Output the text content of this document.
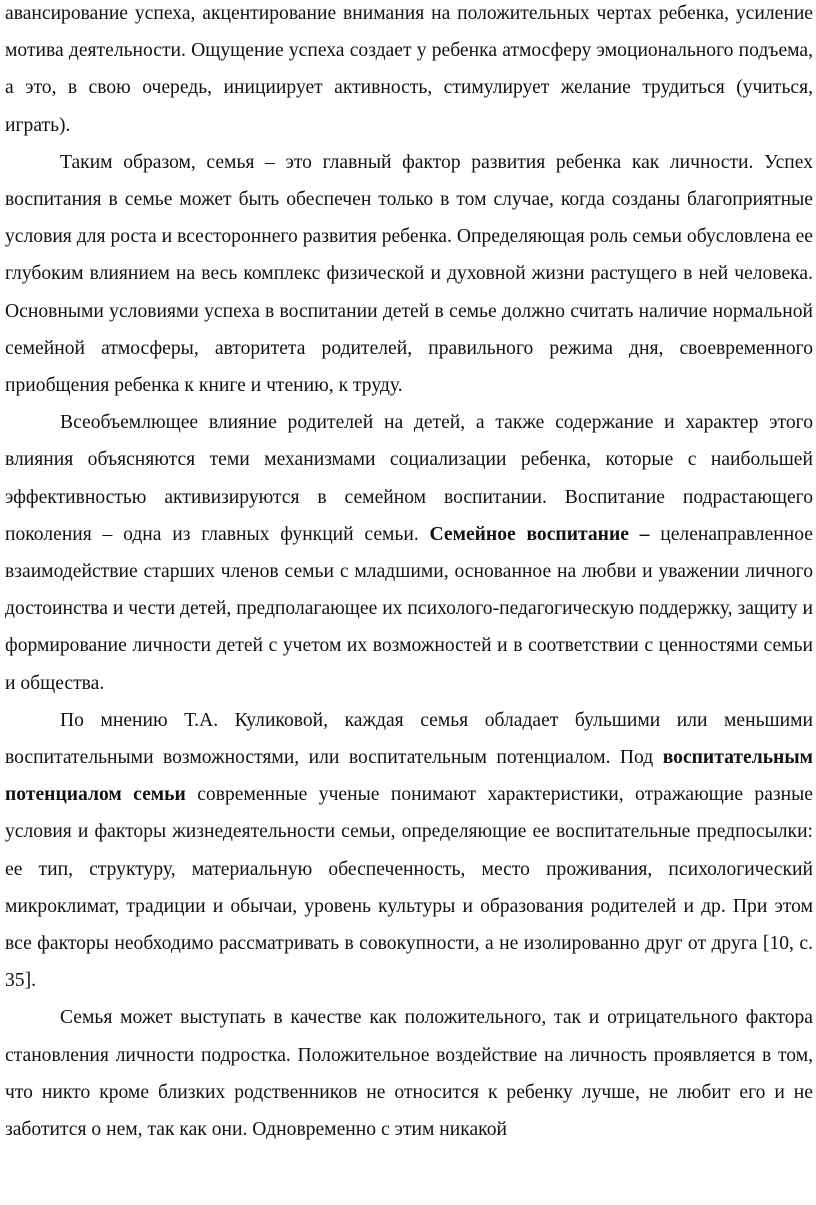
авансирование успеха, акцентирование внимания на положительных чертах ребенка, усиление мотива деятельности. Ощущение успеха создает у ребенка атмосферу эмоционального подъема, а это, в свою очередь, инициирует активность, стимулирует желание трудиться (учиться, играть).

Таким образом, семья – это главный фактор развития ребенка как личности. Успех воспитания в семье может быть обеспечен только в том случае, когда созданы благоприятные условия для роста и всестороннего развития ребенка. Определяющая роль семьи обусловлена ее глубоким влиянием на весь комплекс физической и духовной жизни растущего в ней человека. Основными условиями успеха в воспитании детей в семье должно считать наличие нормальной семейной атмосферы, авторитета родителей, правильного режима дня, своевременного приобщения ребенка к книге и чтению, к труду.

Всеобъемлющее влияние родителей на детей, а также содержание и характер этого влияния объясняются теми механизмами социализации ребенка, которые с наибольшей эффективностью активизируются в семейном воспитании. Воспитание подрастающего поколения – одна из главных функций семьи. Семейное воспитание – целенаправленное взаимодействие старших членов семьи с младшими, основанное на любви и уважении личного достоинства и чести детей, предполагающее их психолого-педагогическую поддержку, защиту и формирование личности детей с учетом их возможностей и в соответствии с ценностями семьи и общества.

По мнению Т.А. Куликовой, каждая семья обладает бульшими или меньшими воспитательными возможностями, или воспитательным потенциалом. Под воспитательным потенциалом семьи современные ученые понимают характеристики, отражающие разные условия и факторы жизнедеятельности семьи, определяющие ее воспитательные предпосылки: ее тип, структуру, материальную обеспеченность, место проживания, психологический микроклимат, традиции и обычаи, уровень культуры и образования родителей и др. При этом все факторы необходимо рассматривать в совокупности, а не изолированно друг от друга [10, с. 35].

Семья может выступать в качестве как положительного, так и отрицательного фактора становления личности подростка. Положительное воздействие на личность проявляется в том, что никто кроме близких родственников не относится к ребенку лучше, не любит его и не заботится о нем, так как они. Одновременно с этим никакой
